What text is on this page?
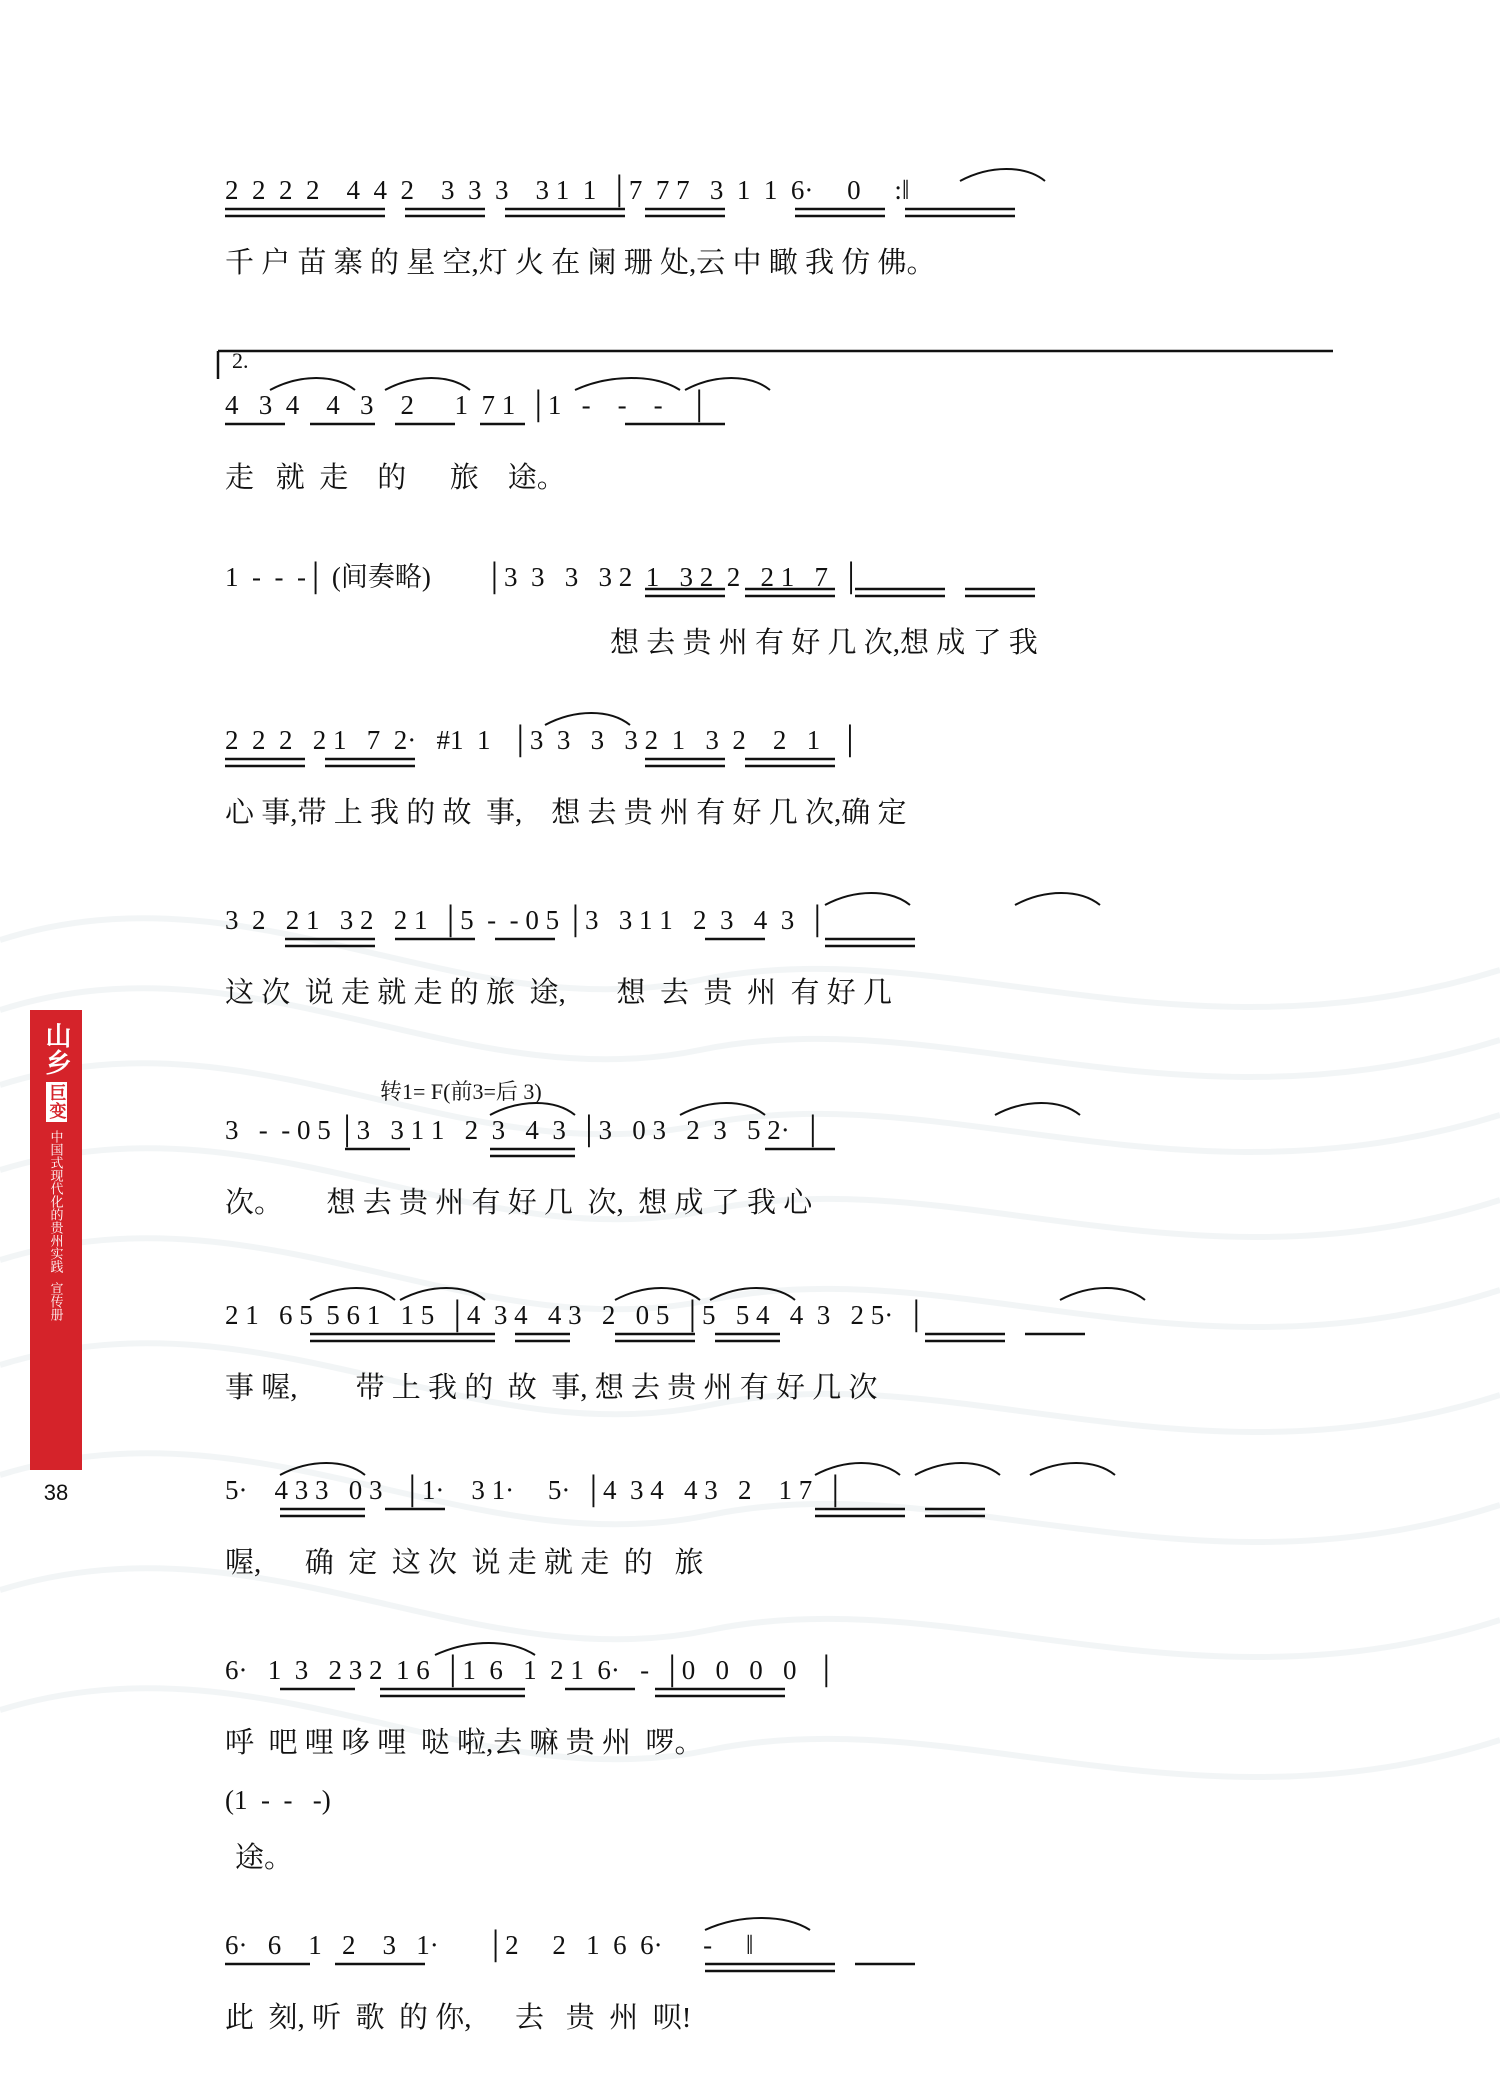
山乡
巨变
中国式现代化的贵州实践
宣传册
38
2  2  2  2    4  4  2    3  3  3    3 1  1  │7  7 7   3  1  1  6·     0     :‖
千 户 苗 寨 的 星 空,灯 火 在 阑 珊 处,云 中 瞰 我 仿 佛。
2.
4   3  4    4   3    2      1  7 1  │1   -    -    -    │
走   就  走    的      旅    途。
1  -  -  -│ (间奏略)        │3  3   3   3 2  1   3 2  2   2 1   7  │
想 去 贵 州 有 好 几 次,想 成 了 我
2  2  2   2 1   7  2·   #1  1   │3  3   3   3 2  1   3  2    2   1   │
心 事,带 上 我 的 故  事,    想 去 贵 州 有 好 几 次,确 定
3  2   2 1   3 2   2 1  │5  -  - 0 5 │3   3 1 1   2  3   4  3  │
这 次  说 走 就 走 的 旅  途,       想  去  贵  州  有 好 几
转1= F(前3=后 3)
3   -  - 0 5 │3   3 1 1   2  3   4  3  │3   0 3   2  3   5 2·  │
次。      想 去 贵 州 有 好 几  次,  想 成 了 我 心
2 1   6 5  5 6 1   1 5  │4  3 4   4 3   2   0 5  │5   5 4   4  3   2 5·  │
事 喔,        带 上 我 的  故  事, 想 去 贵 州 有 好 几 次
5·    4 3 3   0 3   │1·    3 1·     5·  │4  3 4   4 3   2    1 7  │
喔,      确  定  这 次  说 走 就 走  的   旅
6·   1  3   2 3 2  1 6  │1  6   1  2 1  6·   -  │0   0   0   0   │
呼  吧 哩 哆 哩  哒 啦,去 嘛 贵 州  啰。
(1  -  -   -)
途。
6·   6    1   2    3   1·       │2     2   1  6  6·      -     ‖
此  刻, 听  歌  的 你,      去   贵  州  呗!
